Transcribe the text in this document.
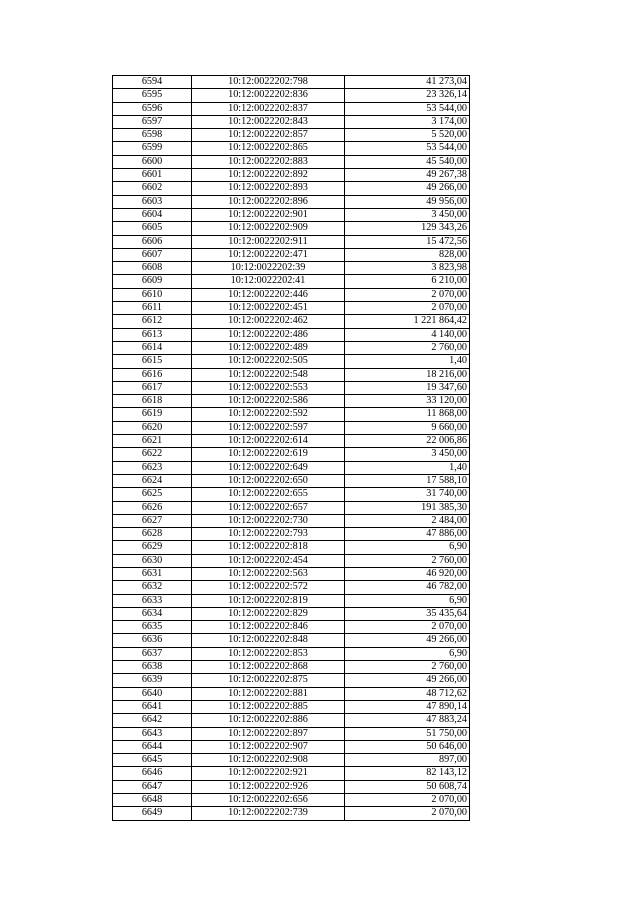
6594	10:12:0022202:798	41 273,04
6595	10:12:0022202:836	23 326,14
6596	10:12:0022202:837	53 544,00
6597	10:12:0022202:843	3 174,00
6598	10:12:0022202:857	5 520,00
6599	10:12:0022202:865	53 544,00
6600	10:12:0022202:883	45 540,00
6601	10:12:0022202:892	49 267,38
6602	10:12:0022202:893	49 266,00
6603	10:12:0022202:896	49 956,00
6604	10:12:0022202:901	3 450,00
6605	10:12:0022202:909	129 343,26
6606	10:12:0022202:911	15 472,56
6607	10:12:0022202:471	828,00
6608	10:12:0022202:39	3 823,98
6609	10:12:0022202:41	6 210,00
6610	10:12:0022202:446	2 070,00
6611	10:12:0022202:451	2 070,00
6612	10:12:0022202:462	1 221 864,42
6613	10:12:0022202:486	4 140,00
6614	10:12:0022202:489	2 760,00
6615	10:12:0022202:505	1,40
6616	10:12:0022202:548	18 216,00
6617	10:12:0022202:553	19 347,60
6618	10:12:0022202:586	33 120,00
6619	10:12:0022202:592	11 868,00
6620	10:12:0022202:597	9 660,00
6621	10:12:0022202:614	22 006,86
6622	10:12:0022202:619	3 450,00
6623	10:12:0022202:649	1,40
6624	10:12:0022202:650	17 588,10
6625	10:12:0022202:655	31 740,00
6626	10:12:0022202:657	191 385,30
6627	10:12:0022202:730	2 484,00
6628	10:12:0022202:793	47 886,00
6629	10:12:0022202:818	6,90
6630	10:12:0022202:454	2 760,00
6631	10:12:0022202:563	46 920,00
6632	10:12:0022202:572	46 782,00
6633	10:12:0022202:819	6,90
6634	10:12:0022202:829	35 435,64
6635	10:12:0022202:846	2 070,00
6636	10:12:0022202:848	49 266,00
6637	10:12:0022202:853	6,90
6638	10:12:0022202:868	2 760,00
6639	10:12:0022202:875	49 266,00
6640	10:12:0022202:881	48 712,62
6641	10:12:0022202:885	47 890,14
6642	10:12:0022202:886	47 883,24
6643	10:12:0022202:897	51 750,00
6644	10:12:0022202:907	50 646,00
6645	10:12:0022202:908	897,00
6646	10:12:0022202:921	82 143,12
6647	10:12:0022202:926	50 608,74
6648	10:12:0022202:656	2 070,00
6649	10:12:0022202:739	2 070,00
